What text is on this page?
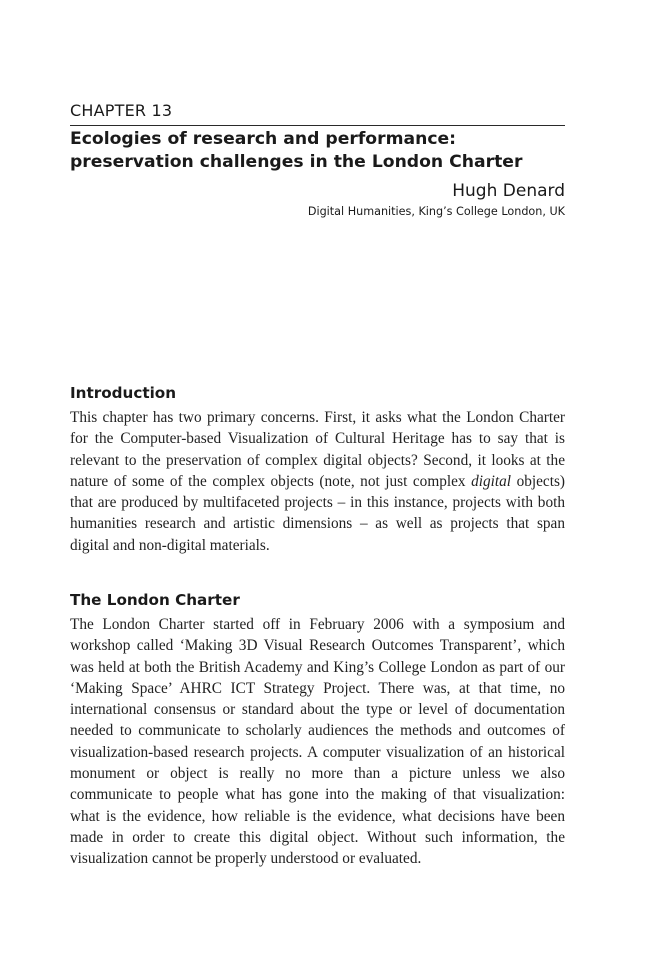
CHAPTER 13
Ecologies of research and performance: preservation challenges in the London Charter
Hugh Denard
Digital Humanities, King’s College London, UK
Introduction

This chapter has two primary concerns. First, it asks what the London Charter for the Computer-based Visualization of Cultural Heritage has to say that is relevant to the preservation of complex digital objects? Second, it looks at the nature of some of the complex objects (note, not just complex digital objects) that are produced by multifaceted projects – in this instance, projects with both humanities research and artistic dimensions – as well as projects that span digital and non-digital materials.

The London Charter

The London Charter started off in February 2006 with a symposium and workshop called ‘Making 3D Visual Research Outcomes Transparent’, which was held at both the British Academy and King’s College London as part of our ‘Making Space’ AHRC ICT Strategy Project. There was, at that time, no international consensus or standard about the type or level of documentation needed to communicate to scholarly audiences the methods and outcomes of visualization-based research projects. A computer visualization of an historical monument or object is really no more than a picture unless we also communicate to people what has gone into the making of that visualization: what is the evidence, how reliable is the evidence, what decisions have been made in order to create this digital object. Without such information, the visualization cannot be properly understood or evaluated.
